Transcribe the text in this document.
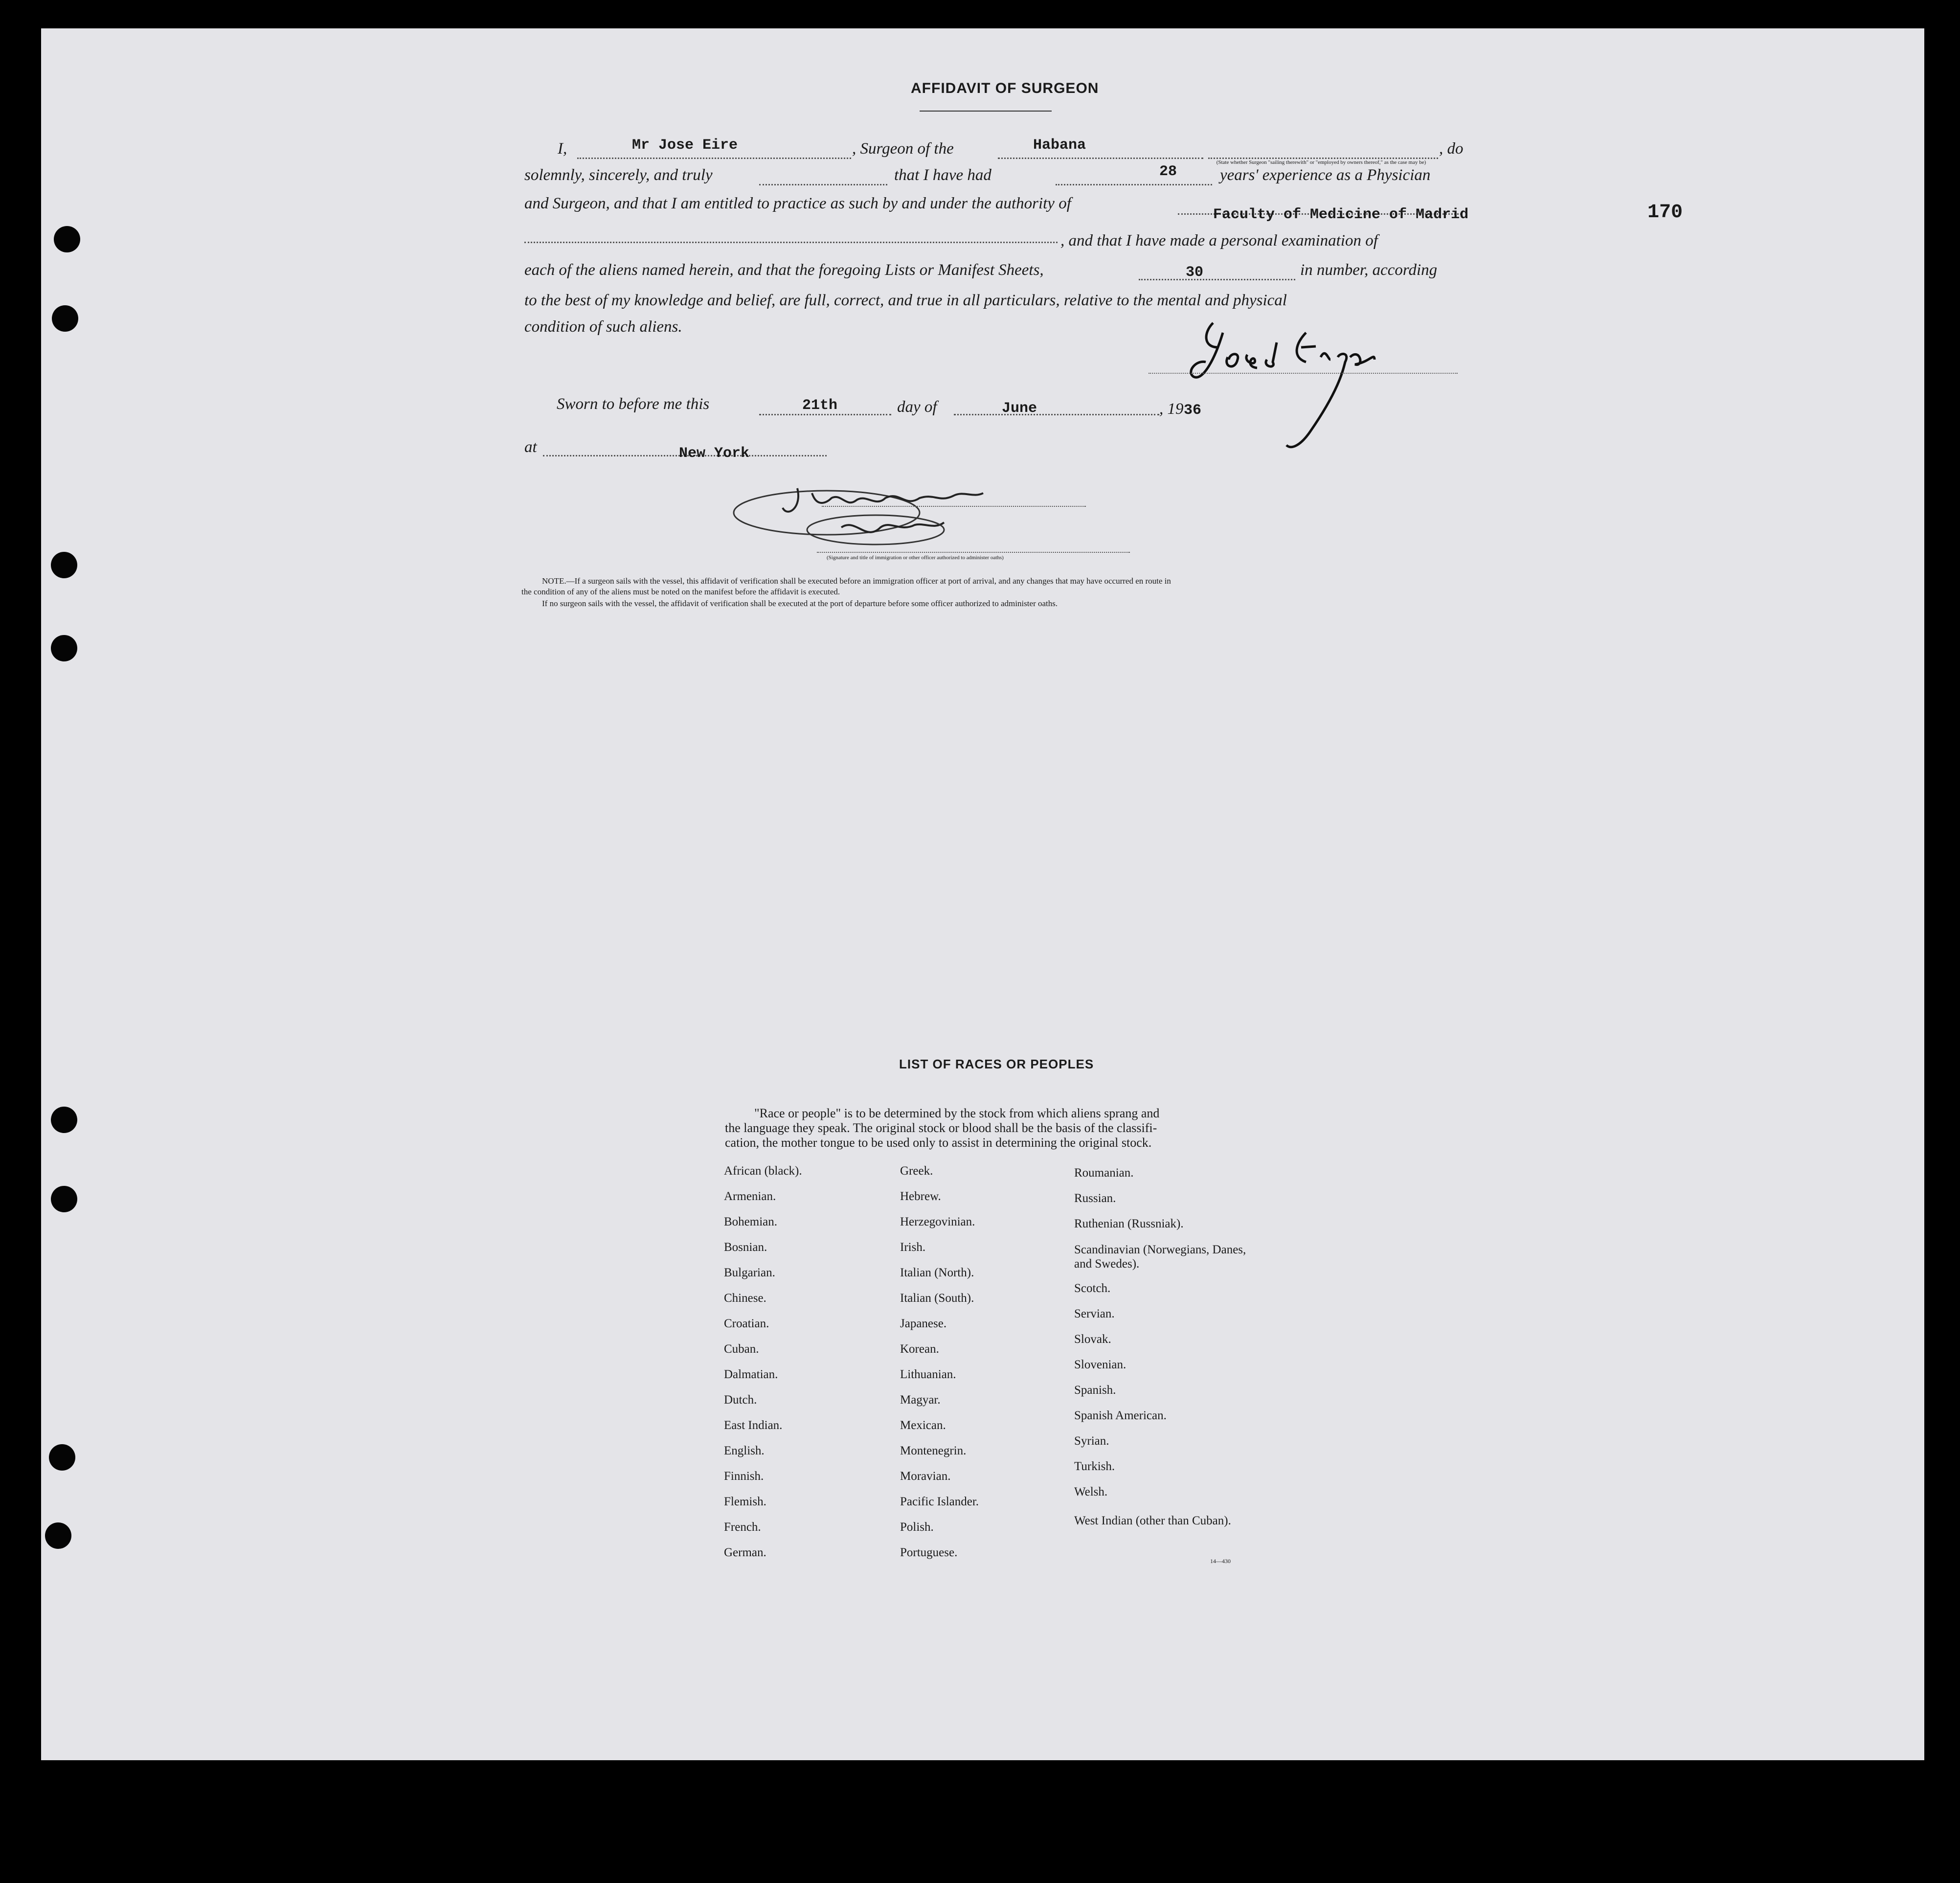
AFFIDAVIT OF SURGEON
I,	Mr Jose Eire	, Surgeon of the	Habana	, do
(State whether Surgeon "sailing therewith" or "employed by owners thereof," as the case may be)
solemnly, sincerely, and truly	that I have had	28	years' experience as a Physician
and Surgeon, and that I am entitled to practice as such by and under the authority of
Faculty of Medicine of Madrid
, and that I have made a personal examination of
each of the aliens named herein, and that the foregoing Lists or Manifest Sheets,	30	in number, according
to the best of my knowledge and belief, are full, correct, and true in all particulars, relative to the mental and physical
condition of such aliens.
Sworn to before me this	21th	day of	June	, 19 36
at	New York
(Signature and title of immigration or other officer authorized to administer oaths)
NOTE.—If a surgeon sails with the vessel, this affidavit of verification shall be executed before an immigration officer at port of arrival, and any changes that may have occurred en route in
the condition of any of the aliens must be noted on the manifest before the affidavit is executed.
If no surgeon sails with the vessel, the affidavit of verification shall be executed at the port of departure before some officer authorized to administer oaths.
170
LIST OF RACES OR PEOPLES
"Race or people" is to be determined by the stock from which aliens sprang and
the language they speak. The original stock or blood shall be the basis of the classifi-
cation, the mother tongue to be used only to assist in determining the original stock.
African (black).
Armenian.
Bohemian.
Bosnian.
Bulgarian.
Chinese.
Croatian.
Cuban.
Dalmatian.
Dutch.
East Indian.
English.
Finnish.
Flemish.
French.
German.
Greek.
Hebrew.
Herzegovinian.
Irish.
Italian (North).
Italian (South).
Japanese.
Korean.
Lithuanian.
Magyar.
Mexican.
Montenegrin.
Moravian.
Pacific Islander.
Polish.
Portuguese.
Roumanian.
Russian.
Ruthenian (Russniak).
Scandinavian (Norwegians, Danes, and Swedes).
Scotch.
Servian.
Slovak.
Slovenian.
Spanish.
Spanish American.
Syrian.
Turkish.
Welsh.
West Indian (other than Cuban).
14—430
